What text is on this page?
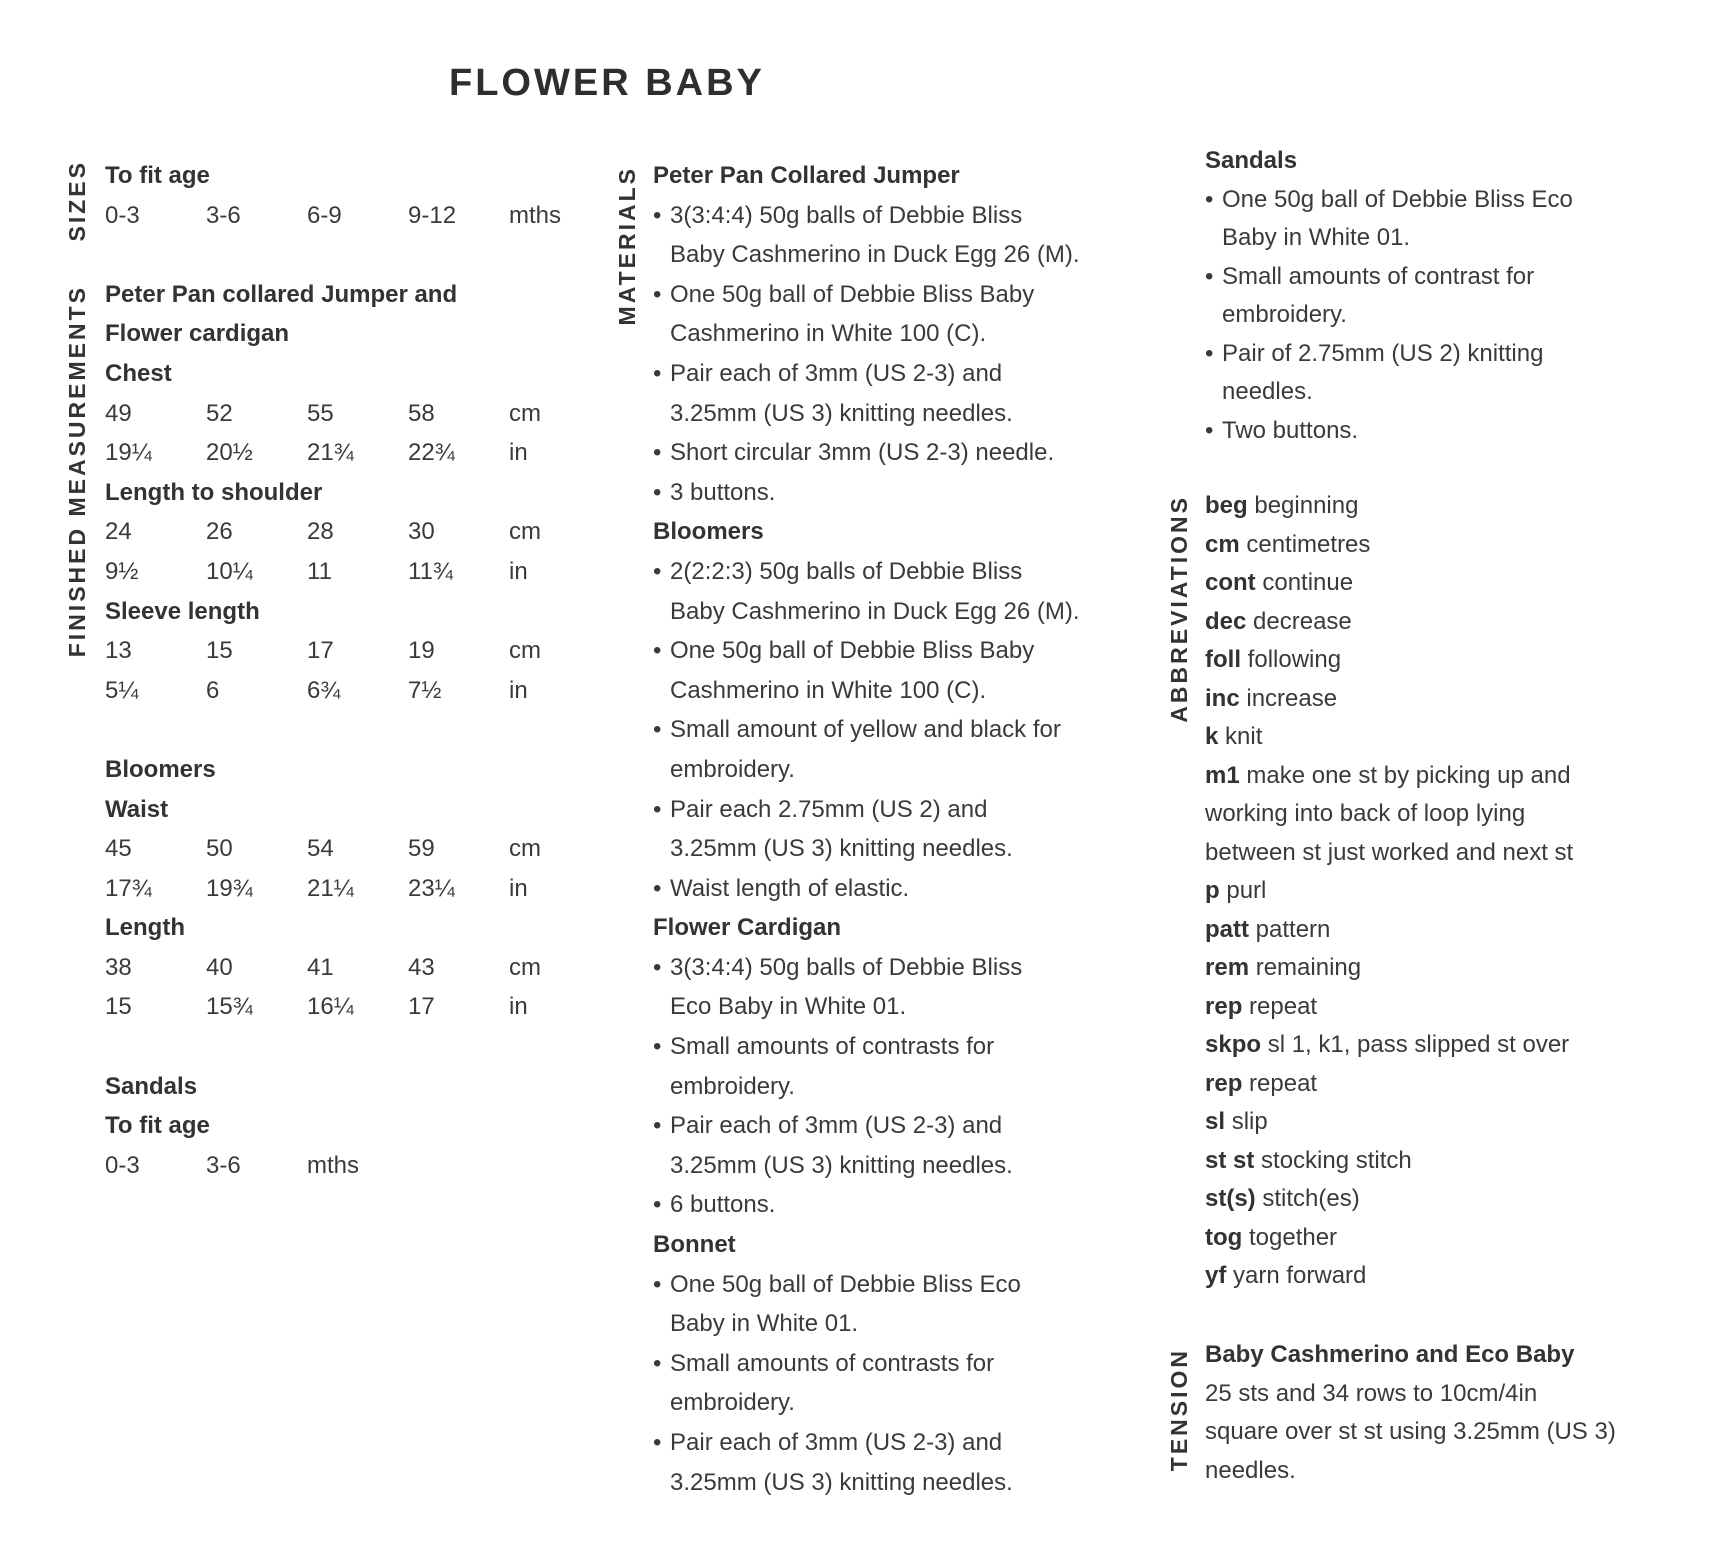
FLOWER BABY
SIZES
FINISHED MEASUREMENTS
MATERIALS
ABBREVIATIONS
TENSION
To fit age
0-3	3-6	6-9	9-12	mths
Peter Pan collared Jumper and
Flower cardigan
Chest
49	52	55	58	cm
19¼	20½	21¾	22¾	in
Length to shoulder
24	26	28	30	cm
9½	10¼	11	11¾	in
Sleeve length
13	15	17	19	cm
5¼	6	6¾	7½	in
Bloomers
Waist
45	50	54	59	cm
17¾	19¾	21¼	23¼	in
Length
38	40	41	43	cm
15	15¾	16¼	17	in
Sandals
To fit age
0-3	3-6	mths
Peter Pan Collared Jumper
• 3(3:4:4) 50g balls of Debbie Bliss
Baby Cashmerino in Duck Egg 26 (M).
• One 50g ball of Debbie Bliss Baby
Cashmerino in White 100 (C).
• Pair each of 3mm (US 2-3) and
3.25mm (US 3) knitting needles.
• Short circular 3mm (US 2-3) needle.
• 3 buttons.
Bloomers
• 2(2:2:3) 50g balls of Debbie Bliss
Baby Cashmerino in Duck Egg 26 (M).
• One 50g ball of Debbie Bliss Baby
Cashmerino in White 100 (C).
• Small amount of yellow and black for
embroidery.
• Pair each 2.75mm (US 2) and
3.25mm (US 3) knitting needles.
• Waist length of elastic.
Flower Cardigan
• 3(3:4:4) 50g balls of Debbie Bliss
Eco Baby in White 01.
• Small amounts of contrasts for
embroidery.
• Pair each of 3mm (US 2-3) and
3.25mm (US 3) knitting needles.
• 6 buttons.
Bonnet
• One 50g ball of Debbie Bliss Eco
Baby in White 01.
• Small amounts of contrasts for
embroidery.
• Pair each of 3mm (US 2-3) and
3.25mm (US 3) knitting needles.
Sandals
• One 50g ball of Debbie Bliss Eco
Baby in White 01.
• Small amounts of contrast for
embroidery.
• Pair of 2.75mm (US 2) knitting
needles.
• Two buttons.
beg beginning
cm centimetres
cont continue
dec decrease
foll following
inc increase
k knit
m1 make one st by picking up and
working into back of loop lying
between st just worked and next st
p purl
patt pattern
rem remaining
rep repeat
skpo sl 1, k1, pass slipped st over
rep repeat
sl slip
st st stocking stitch
st(s) stitch(es)
tog together
yf yarn forward
Baby Cashmerino and Eco Baby
25 sts and 34 rows to 10cm/4in
square over st st using 3.25mm (US 3)
needles.
